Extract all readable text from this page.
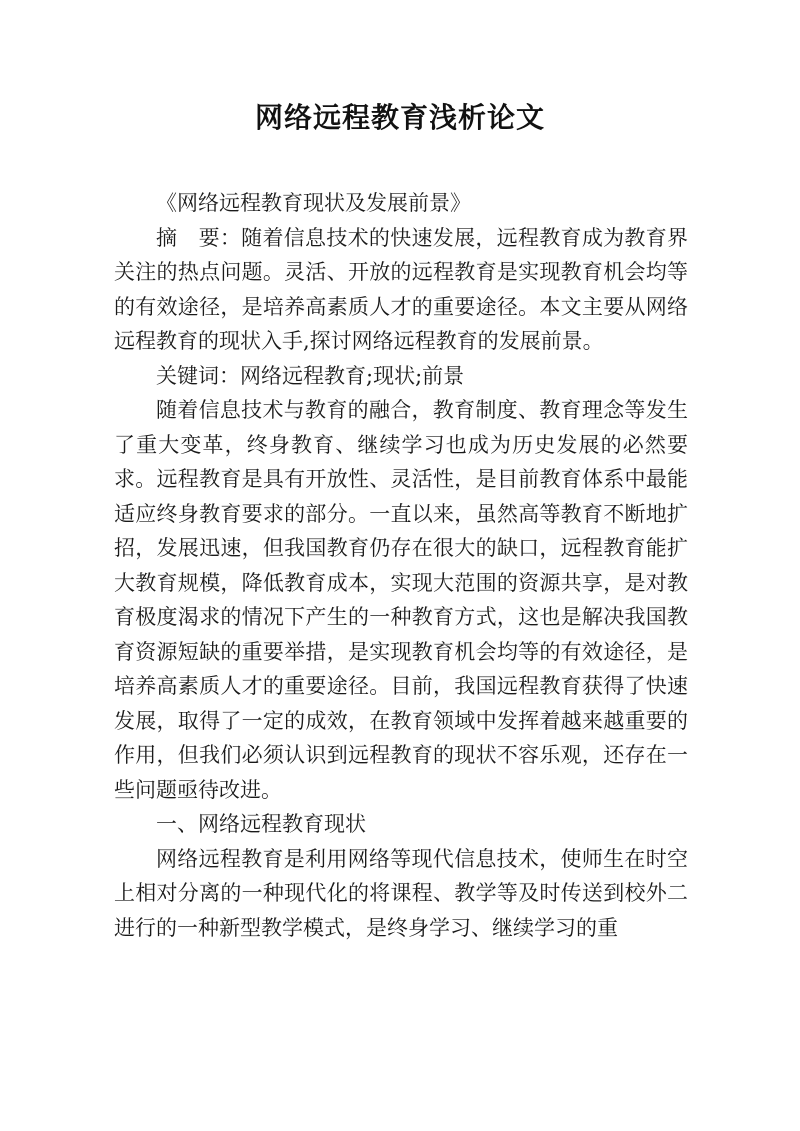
网络远程教育浅析论文

《网络远程教育现状及发展前景》

摘　要：随着信息技术的快速发展，远程教育成为教育界关注的热点问题。灵活、开放的远程教育是实现教育机会均等的有效途径，是培养高素质人才的重要途径。本文主要从网络远程教育的现状入手,探讨网络远程教育的发展前景。

关键词：网络远程教育;现状;前景

随着信息技术与教育的融合，教育制度、教育理念等发生了重大变革，终身教育、继续学习也成为历史发展的必然要求。远程教育是具有开放性、灵活性，是目前教育体系中最能适应终身教育要求的部分。一直以来，虽然高等教育不断地扩招，发展迅速，但我国教育仍存在很大的缺口，远程教育能扩大教育规模，降低教育成本，实现大范围的资源共享，是对教育极度渴求的情况下产生的一种教育方式，这也是解决我国教育资源短缺的重要举措，是实现教育机会均等的有效途径，是培养高素质人才的重要途径。目前，我国远程教育获得了快速发展，取得了一定的成效，在教育领域中发挥着越来越重要的作用，但我们必须认识到远程教育的现状不容乐观，还存在一些问题亟待改进。

一、网络远程教育现状

网络远程教育是利用网络等现代信息技术，使师生在时空上相对分离的一种现代化的将课程、教学等及时传送到校外二进行的一种新型教学模式，是终身学习、继续学习的重
